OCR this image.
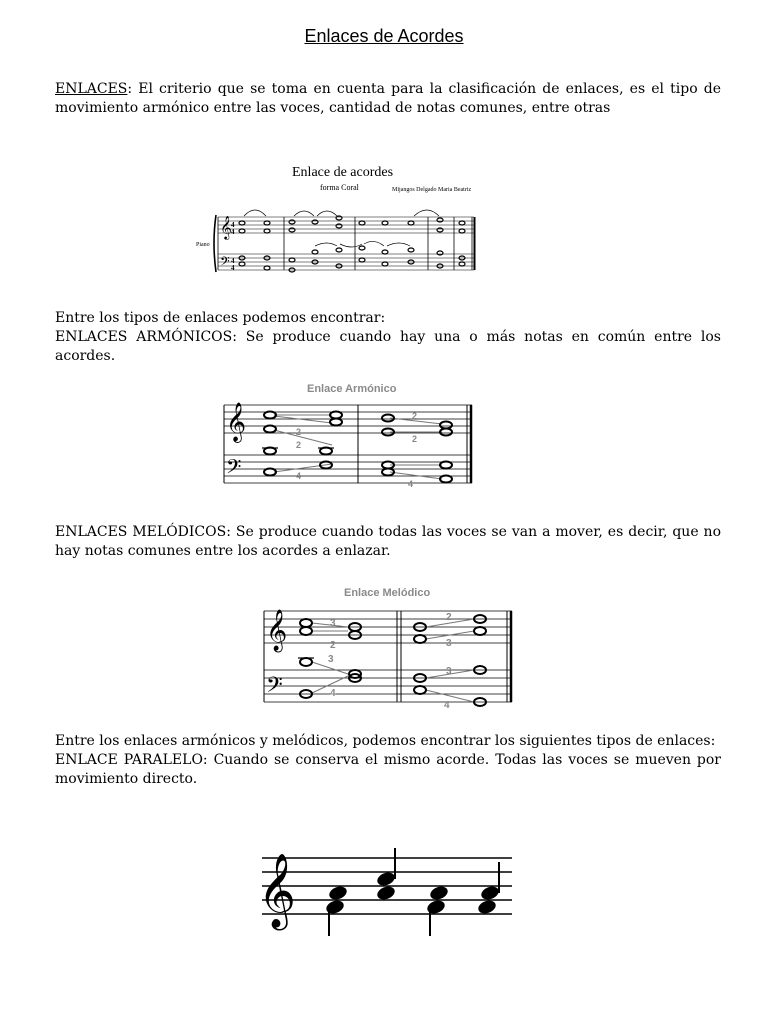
Enlaces de Acordes
ENLACES: El criterio que se toma en cuenta para la clasificación de enlaces, es el tipo de movimiento armónico entre las voces, cantidad de notas comunes, entre otras
Enlace de acordes
forma Coral	Mijangos Delgado Maria Beatriz
Piano
𝄞
𝄢
4
4
4
4
Entre los tipos de enlaces podemos encontrar:
ENLACES ARMÓNICOS: Se produce cuando hay una o más notas en común entre los acordes.
Enlace Armónico
𝄞
𝄢
2
2
4
2
2
4
ENLACES MELÓDICOS: Se produce cuando todas las voces se van a mover, es decir, que no hay notas comunes entre los acordes a enlazar.
Enlace Melódico
𝄞
𝄢
3
2
3
4
2
3
3
4
Entre los enlaces armónicos y melódicos, podemos encontrar los siguientes tipos de enlaces:
ENLACE PARALELO: Cuando se conserva el mismo acorde. Todas las voces se mueven por movimiento directo.
𝄞
